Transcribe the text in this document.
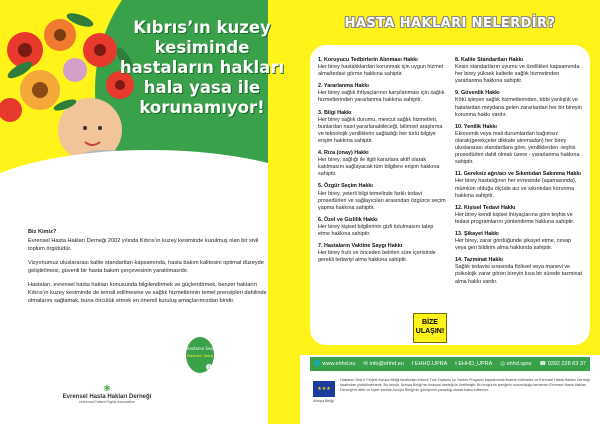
Kıbrıs’ın kuzey kesiminde hastaların hakları hala yasa ile korunamıyor!

Biz Kimiz?

Evrensel Hasta Hakları Derneği 2002 yılında Kıbrıs’ın kuzey kesiminde kurulmuş olan bir sivil toplum örgütüdür.

Vizyonumuz uluslararası kalite standartları kapsamında, hasta bakım kalitesini optimal düzeyde geliştirilmesi, güvenli bir hasta bakım çerçevesinin yaratılmasıdır.

Hastaları, evrensel hasta hakları konusunda bilgilendirmek ve güçlendirmek, benzer hakların Kıbrıs’ın kuzey kesiminde de temsil edilmesine ve sağlık hizmetlerinin temel prensipleri dahilinde olmalarını sağlamak, buna öncülük etmek en önemli kuruluş amaçlarımızdan biridir.

Hastanın Sesi
Patients’ Voice
2
❀
Evrensel Hasta Hakları Derneği
Universal Patient Rights Association
HASTA HAKLARI NELERDİR?
1. Koruyucu Tedbirlerin Alınması Hakkı
Her birey hastalıklardan korunmak için uygun hizmet alma/tedavi görme hakkına sahiptir.
2. Yararlanma Hakkı
Her birey sağlık ihtiyaçlarının karşılanması için sağlık hizmetlerinden yararlanma hakkına sahiptir.
3. Bilgi Hakkı
Her birey sağlık durumu, mevcut sağlık hizmetleri, bunlardan nasıl yararlanabileceği, bilimsel araştırma ve teknolojik yeniliklerin sağladığı her türlü bilgiye erişim hakkına sahiptir.
4. Rıza (onay) Hakkı
Her birey, sağlığı ile ilgili kararlara aktif olarak katılmasını sağlayacak tüm bilgilere erişim hakkına sahiptir.
5. Özgür Seçim Hakkı
Her birey, yeterli bilgi temelinde farklı tedavi prosedürleri ve sağlayıcıları arasından özgürce seçim yapma hakkına sahiptir.
6. Özel ve Gizlilik Hakkı
Her birey kişisel bilgilerinin gizli tutulmasını talep etme hakkına sahiptir.
7. Hastaların Vaktine Saygı Hakkı
Her birey hızlı ve önceden belirlen süre içerisinde gerekli tedaviyi alma hakkına sahiptir.
8. Kalite Standartları Hakkı
Kesin standartların uyumu ve özellikleri kapsamında her birey yüksek kaltede sağlık hizmetinden yararlanma hakkına sahiptir.
9. Güvenlik Hakkı
Kötü işleyen sağlık hizmetlerinden, tıbbi yanlışlık ve hatalardan meydana gelen zararlardan her bir bireyin korunma hakkı vardır.
10. Yenilik Hakkı
Ekonomik veya mali durumlardan bağımsız olarak(gerekçeler dikkate alınmadan) her birey uluslararası standartlara göre, yeniliklerden -teşhis prosedürleri dahil olmak üzere - yararlanma hakkına sahiptir.
11. Gereksiz ağrı/acı ve Sıkıntıdan Sakınma Hakkı
Her birey hastalığının her evresinde (aşamasında), mümkün olduğu ölçüde acı ve sıkıntıdan korunma hakkına sahiptir.
12. Kişisel Tedavi Hakkı
Her birey kendi kişisel ihtiyaçlarına göre teşhis ve tedavi programlarını yönlendirme hakkına sahiptir.
13. Şikayet Hakkı
Her birey, zarar gördüğünde şikayet etme, cevap veya geri bildirim alma hakkında sahiptir.
14. Tazminat Hakkı
Sağlık tedavisi sırasında fiziksel veya manevi ve psikolojik zarar gören bireyin kısa bir sürede tazminat alma hakkı vardır.
BİZE
ULAŞIN!
🌐 www.ehhd.eu ✉ info@ehhd.eu f EHHD.UPRA t EHHD_UPRA ◎ ehhd.upra ☎ 0392 228 83 37
★★★
Avrupa Birliği
Hastanın Sesi II Projesi Avrupa Birliği tarafından Kıbrıslı Türk Toplumu İçi Yardım Programı kapsamında finanse edilmekte ve Evrensel Hasta Hakları Derneği tarafından yürütülmektedir. Bu broşür, Avrupa Birliği’nin finansal desteği ile üretilmiştir. Bu broşürün içeriğinin sorumluluğu tamamen Evrensel Hasta Hakları Derneği’ne aittir ve hiçbir şekilde Avrupa Birliği’nin görüşlerini yansıttığı olarak kabul edilemez.
